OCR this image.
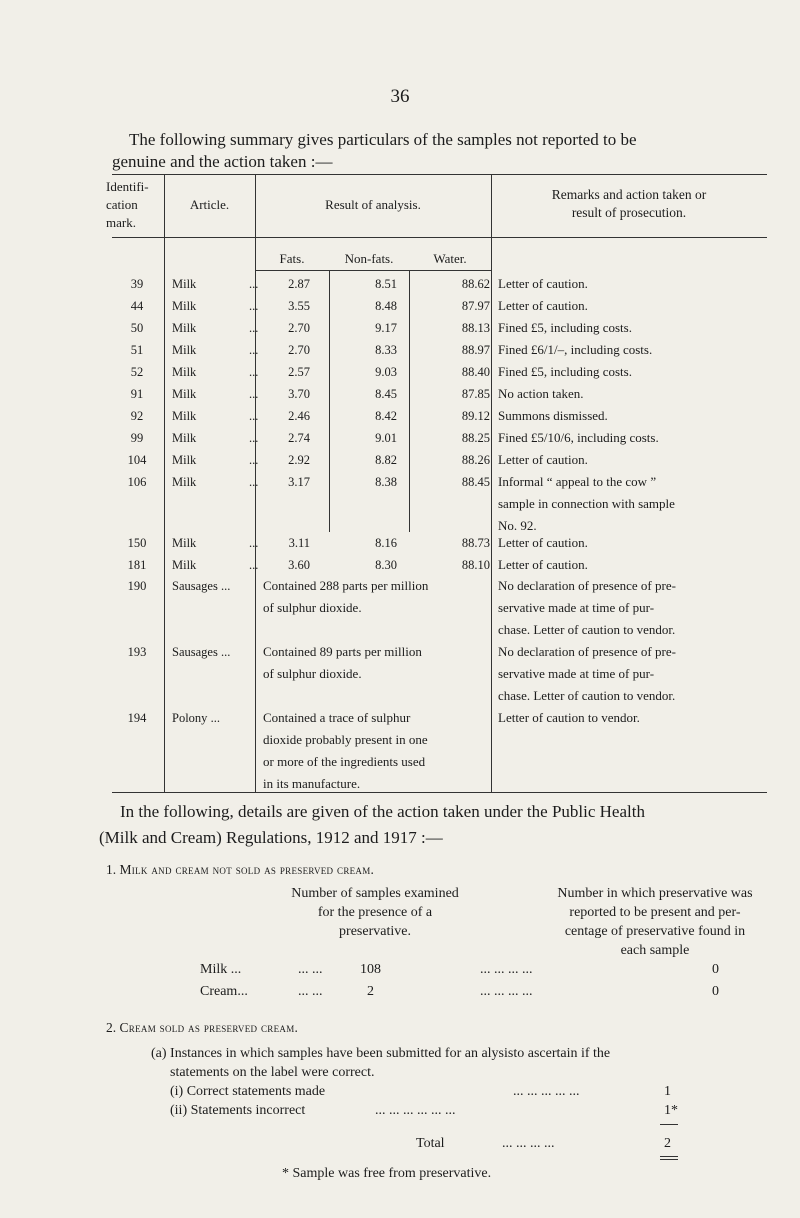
36
The following summary gives particulars of the samples not reported to be
genuine and the action taken :—
Identifi-
cation
mark.
Article.	Result of analysis.
Remarks and action taken or
result of prosecution.
Fats.	Non-fats.	Water.
39	Milk	...	2.87	8.51	88.62 Letter of caution.
44	Milk	...	3.55	8.48	87.97 Letter of caution.
50	Milk	...	2.70	9.17	88.13 Fined £5, including costs.
51	Milk	...	2.70	8.33	88.97 Fined £6/1/–, including costs.
52	Milk	...	2.57	9.03	88.40 Fined £5, including costs.
91	Milk	...	3.70	8.45	87.85 No action taken.
92	Milk	...	2.46	8.42	89.12 Summons dismissed.
99	Milk	...	2.74	9.01	88.25 Fined £5/10/6, including costs.
104	Milk	...	2.92	8.82	88.26 Letter of caution.
106	Milk	...	3.17	8.38	88.45 Informal “ appeal to the cow ”
sample in connection with sample
No. 92.
150	Milk	...	3.11	8.16	88.73 Letter of caution.
181	Milk	...	3.60	8.30	88.10 Letter of caution.
190	Sausages ...	Contained 288 parts per million
of sulphur dioxide.
No declaration of presence of pre-
servative made at time of pur-
chase. Letter of caution to vendor.
193	Sausages ...	Contained 89 parts per million
of sulphur dioxide.
No declaration of presence of pre-
servative made at time of pur-
chase. Letter of caution to vendor.
194	Polony ...	Contained a trace of sulphur
dioxide probably present in one
or more of the ingredients used
in its manufacture.
Letter of caution to vendor.
In the following, details are given of the action taken under the Public Health
(Milk and Cream) Regulations, 1912 and 1917 :—
1. Milk and cream not sold as preserved cream.
Number of samples examined
for the presence of a
preservative.
Number in which preservative was
reported to be present and per-
centage of preservative found in
each sample
Milk ...	... ...	108	... ... ... ...	0
Cream...	... ...	2	... ... ... ...	0
2. Cream sold as preserved cream.
(a) Instances in which samples have been submitted for an alysisto ascertain if the
statements on the label were correct.
(i) Correct statements made	... ... ... ... ...	1
(ii) Statements incorrect	... ... ... ... ... ...	1*
Total	... ... ... ...	2
* Sample was free from preservative.
